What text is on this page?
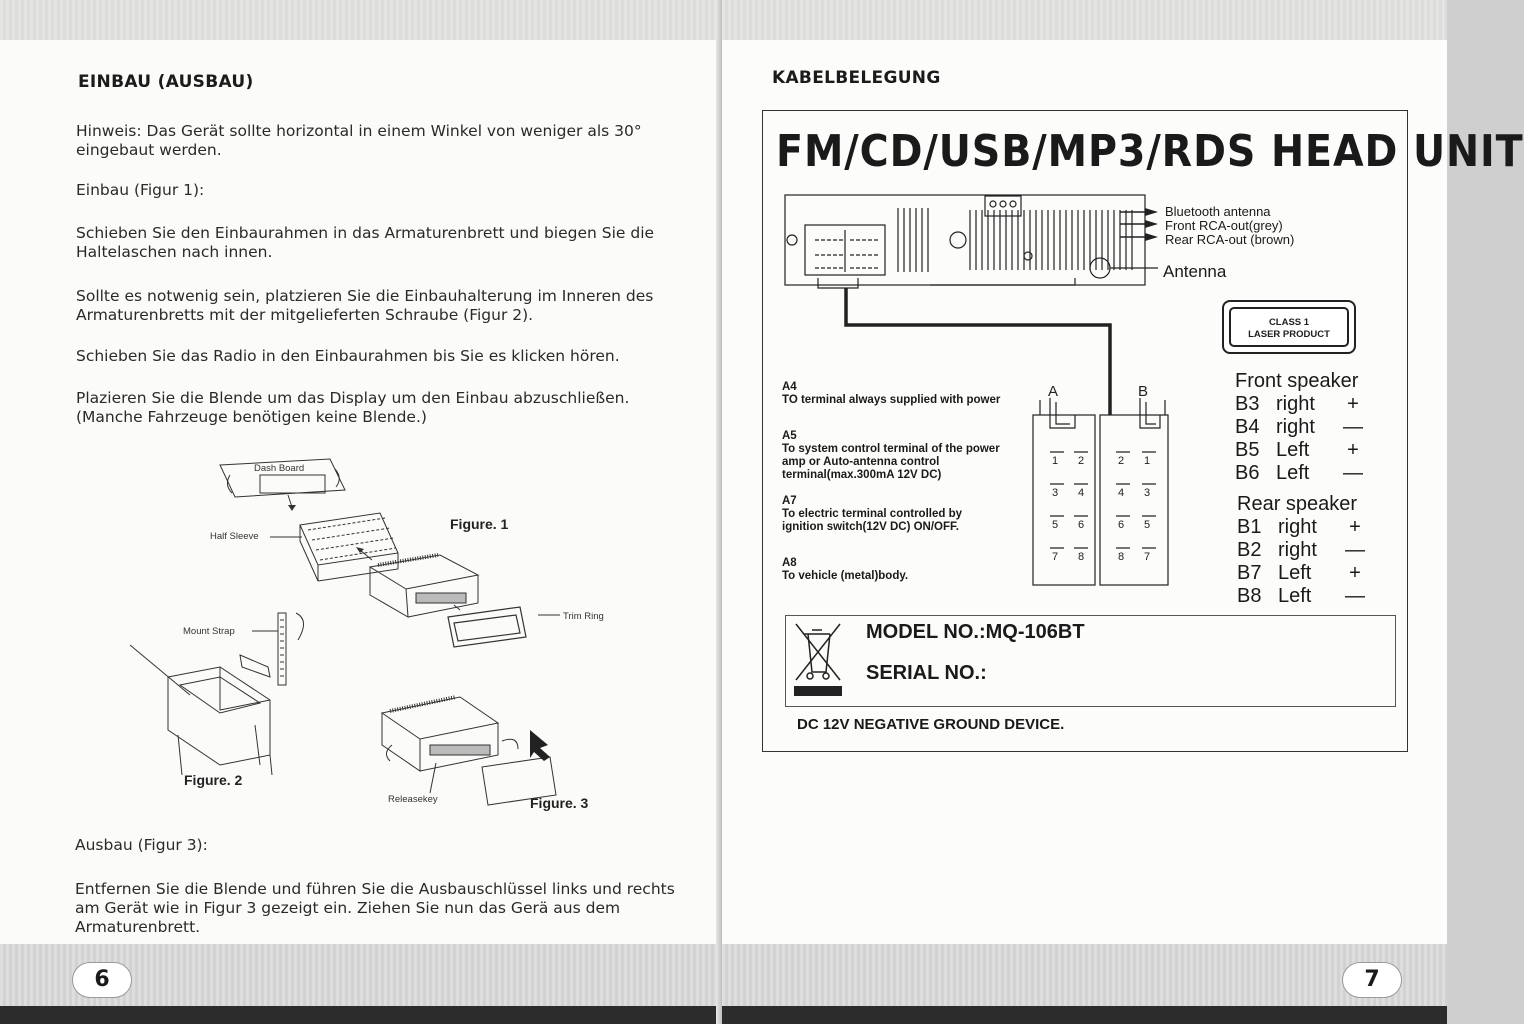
EINBAU (AUSBAU)
Hinweis: Das Gerät sollte horizontal in einem Winkel von weniger als 30° eingebaut werden.
Einbau (Figur 1):
Schieben Sie den Einbaurahmen in das Armaturenbrett und biegen Sie die Haltelaschen nach innen.
Sollte es notwenig sein, platzieren Sie die Einbauhalterung im Inneren des Armaturenbretts mit der mitgelieferten Schraube (Figur 2).
Schieben Sie das Radio in den Einbaurahmen bis Sie es klicken hören.
Plazieren Sie die Blende um das Display um den Einbau abzuschließen. (Manche Fahrzeuge benötigen keine Blende.)
Dash Board
Half Sleeve
Figure. 1
Trim Ring
Mount Strap
Figure. 2
Releasekey	Figure. 3
Ausbau (Figur 3):
Entfernen Sie die Blende und führen Sie die Ausbauschlüssel links und rechts am Gerät wie in Figur 3 gezeigt ein. Ziehen Sie nun das Gerä aus dem Armaturenbrett.
6	7
KABELBELEGUNG
FM/CD/USB/MP3/RDS HEAD UNIT
Bluetooth antenna
Front RCA-out(grey)
Rear RCA-out (brown)
Antenna
CLASS 1
LASER PRODUCT
A4
TO terminal always supplied with power
A5
To system control terminal of the power amp or Auto-antenna control terminal(max.300mA 12V DC)
A7
To electric terminal controlled by ignition switch(12V DC) ON/OFF.
A8
To vehicle (metal)body.
A	B
1 2
3 4
5 6
7 8
2 1
4 3
6 5
8 7
Front speaker
B3 right	+
B4 right	—
B5 Left	+
B6 Left	—
Rear speaker
B1 right	+
B2 right	—
B7 Left	+
B8 Left	—
MODEL NO.:MQ-106BT
SERIAL NO.:
DC 12V NEGATIVE GROUND DEVICE.
